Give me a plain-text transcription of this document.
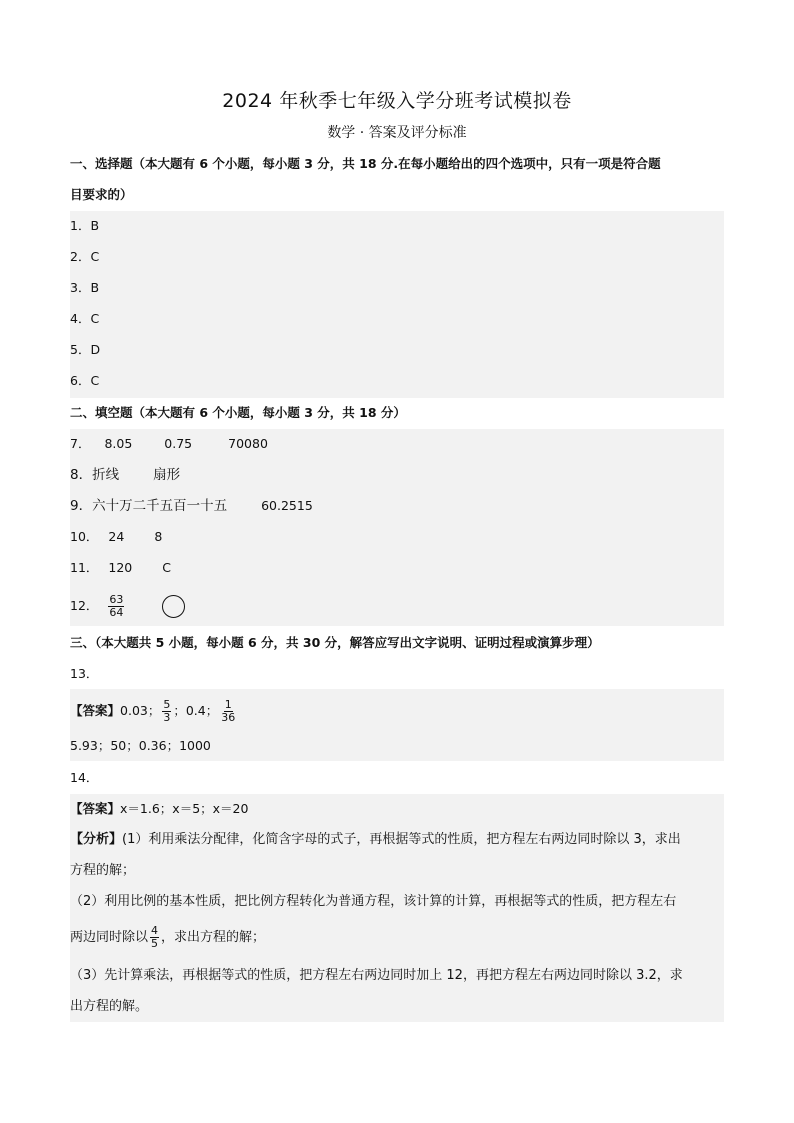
2024 年秋季七年级入学分班考试模拟卷
数学 · 答案及评分标准
一、选择题（本大题有 6 个小题，每小题 3 分，共 18 分.在每小题给出的四个选项中，只有一项是符合题
目要求的）
1．B
2．C
3．B
4．C
5．D
6．C
二、填空题（本大题有 6 个小题，每小题 3 分，共 18 分）
7． 8.05	0.75	70080
8．折线	扇形
9．六十万二千五百一十五	60.2515
10． 24 8
11． 120 C
12． $\frac{63}{64}$
三、（本大题共 5 小题，每小题 6 分，共 30 分，解答应写出文字说明、证明过程或演算步理）
13．
【答案】0.03； $\frac{5}{3}$ ；0.4； $\frac{1}{36}$
5.93；50；0.36；1000
14．
【答案】x＝1.6；x＝5；x＝20
【分析】(1）利用乘法分配律，化简含字母的式子，再根据等式的性质，把方程左右两边同时除以 3，求出
方程的解；
（2）利用比例的基本性质，把比例方程转化为普通方程，该计算的计算，再根据等式的性质，把方程左右
两边同时除以 $\frac{4}{5}$ ，求出方程的解；
（3）先计算乘法，再根据等式的性质，把方程左右两边同时加上 12，再把方程左右两边同时除以 3.2，求
出方程的解。
